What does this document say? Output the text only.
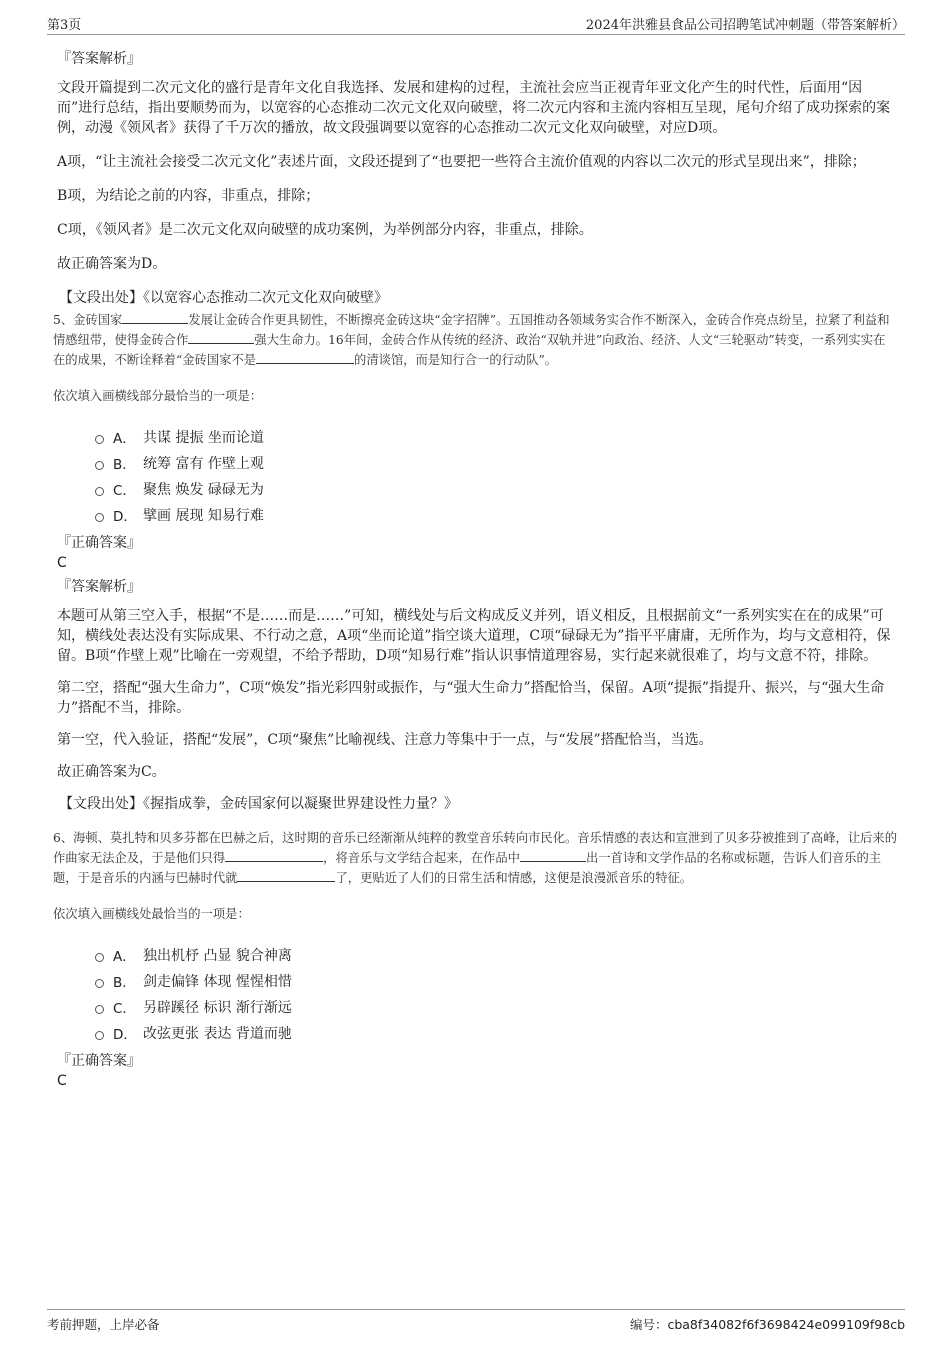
第3页	2024年洪雅县食品公司招聘笔试冲刺题（带答案解析）
『答案解析』

文段开篇提到二次元文化的盛行是青年文化自我选择、发展和建构的过程，主流社会应当正视青年亚文化产生的时代性，后面用“因而”进行总结，指出要顺势而为，以宽容的心态推动二次元文化双向破壁，将二次元内容和主流内容相互呈现，尾句介绍了成功探索的案例，动漫《领风者》获得了千万次的播放，故文段强调要以宽容的心态推动二次元文化双向破壁，对应D项。

A项，“让主流社会接受二次元文化”表述片面，文段还提到了“也要把一些符合主流价值观的内容以二次元的形式呈现出来”，排除；

B项，为结论之前的内容，非重点，排除；

C项，《领风者》是二次元文化双向破壁的成功案例，为举例部分内容，非重点，排除。

故正确答案为D。

【文段出处】《以宽容心态推动二次元文化双向破壁》

5、金砖国家	发展让金砖合作更具韧性，不断擦亮金砖这块“金字招牌”。五国推动各领域务实合作不断深入，金砖合作亮点纷呈，拉紧了利益和情感纽带，使得金砖合作	强大生命力。16年间，金砖合作从传统的经济、政治“双轨并进”向政治、经济、人文“三轮驱动”转变，一系列实实在在的成果，不断诠释着“金砖国家不是	的清谈馆，而是知行合一的行动队”。

依次填入画横线部分最恰当的一项是：

A． 共谋 提振 坐而论道
B． 统筹 富有 作壁上观
C． 聚焦 焕发 碌碌无为
D． 擘画 展现 知易行难
『正确答案』

C

『答案解析』

本题可从第三空入手，根据“不是……而是……”可知，横线处与后文构成反义并列，语义相反，且根据前文“一系列实实在在的成果”可知，横线处表达没有实际成果、不行动之意，A项“坐而论道”指空谈大道理，C项“碌碌无为”指平平庸庸，无所作为，均与文意相符，保留。B项“作壁上观”比喻在一旁观望，不给予帮助，D项“知易行难”指认识事情道理容易，实行起来就很难了，均与文意不符，排除。

第二空，搭配“强大生命力”，C项“焕发”指光彩四射或振作，与“强大生命力”搭配恰当，保留。A项“提振”指提升、振兴，与“强大生命力”搭配不当，排除。

第一空，代入验证，搭配“发展”，C项“聚焦”比喻视线、注意力等集中于一点，与“发展”搭配恰当，当选。

故正确答案为C。

【文段出处】《握指成拳，金砖国家何以凝聚世界建设性力量？》

6、海顿、莫扎特和贝多芬都在巴赫之后，这时期的音乐已经渐渐从纯粹的教堂音乐转向市民化。音乐情感的表达和宣泄到了贝多芬被推到了高峰，让后来的作曲家无法企及，于是他们只得	，将音乐与文学结合起来，在作品中	出一首诗和文学作品的名称或标题，告诉人们音乐的主题，于是音乐的内涵与巴赫时代就	了，更贴近了人们的日常生活和情感，这便是浪漫派音乐的特征。

依次填入画横线处最恰当的一项是：

A． 独出机杼 凸显 貌合神离
B． 剑走偏锋 体现 惺惺相惜
C． 另辟蹊径 标识 渐行渐远
D． 改弦更张 表达 背道而驰
『正确答案』

C

考前押题，上岸必备	编号：cba8f34082f6f3698424e099109f98cb
